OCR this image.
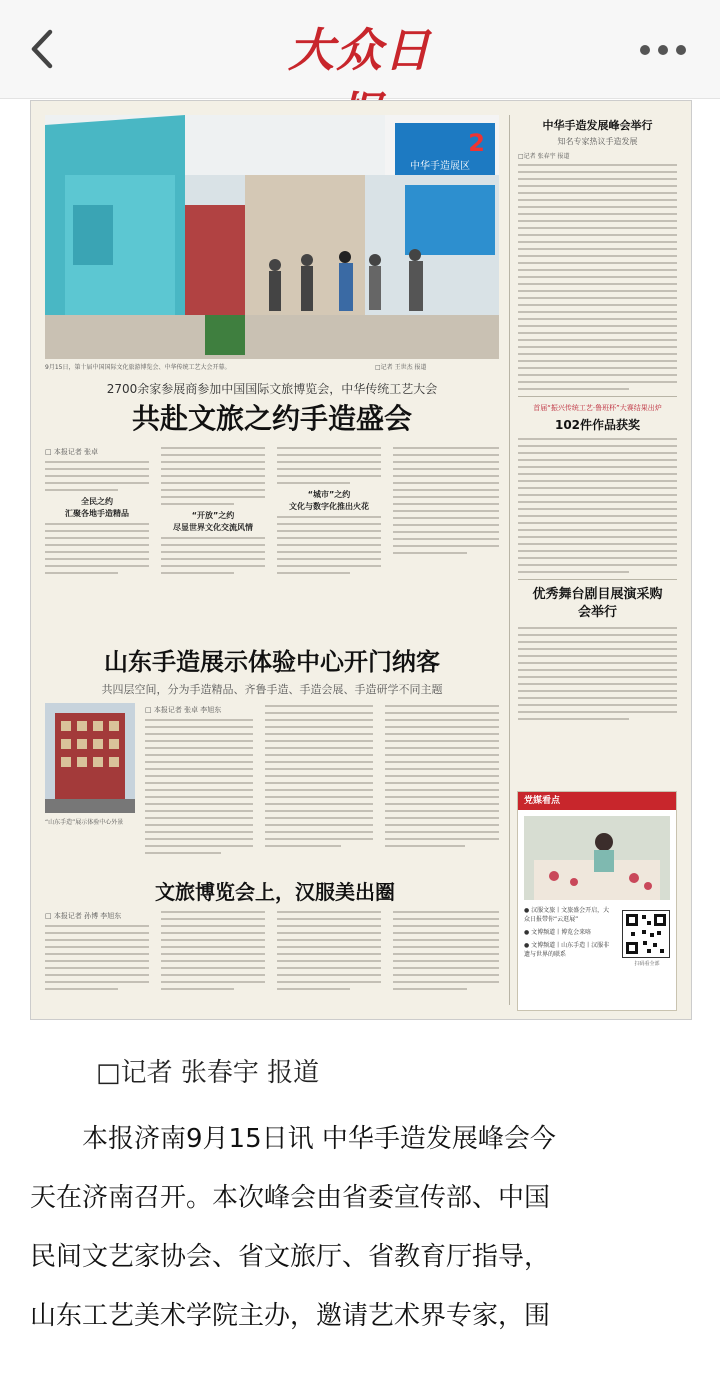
大众日
2
中华手造展区
9月15日，第十届中国国际文化旅游博览会、中华传统工艺大会开幕。	□记者 王世杰 报道
2700余家参展商参加中国国际文旅博览会，中华传统工艺大会
共赴文旅之约手造盛会
□ 本报记者 张卓
全民之约
汇聚各地手造精品	“开放”之约
尽显世界文化交流风情
“城市”之约
文化与数字化推出火花
山东手造展示体验中心开门纳客
共四层空间，分为手造精品、齐鲁手造、手造会展、手造研学不同主题
“山东手造”展示体验中心外景
□ 本报记者 张卓 李旭东
文旅博览会上，汉服美出圈
□ 本报记者 孙博 李旭东
中华手造发展峰会举行
知名专家热议手造发展
□记者 张春宇 报道
首届“振兴传统工艺·鲁班杯”大赛结果出炉
102件作品获奖
优秀舞台剧目展演采购会举行
党媒看点
● 汉服文旅丨文旅盛会开启，大众日报带你“云逛展”
● 文博频道丨博览会来咯
● 文博频道丨山东手造丨汉服非遗与世界的联系
扫码看全部
□记者 张春宇 报道

本报济南9月15日讯 中华手造发展峰会今

天在济南召开。本次峰会由省委宣传部、中国

民间文艺家协会、省文旅厅、省教育厅指导，

山东工艺美术学院主办，邀请艺术界专家，围
